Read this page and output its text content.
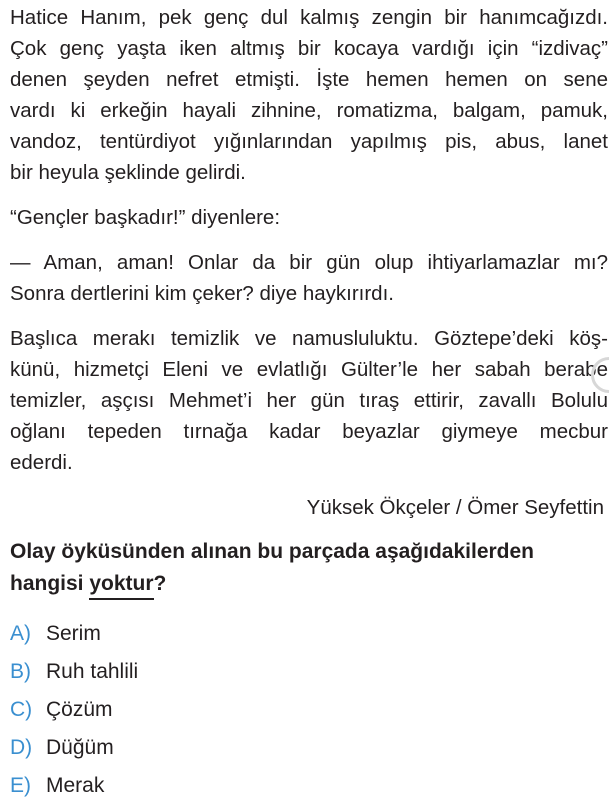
Hatice Hanım, pek genç dul kalmış zengin bir hanımcağızdı.
Çok genç yaşta iken altmış bir kocaya vardığı için “izdivaç”
denen şeyden nefret etmişti. İşte hemen hemen on sene
vardı ki erkeğin hayali zihnine, romatizma, balgam, pamuk,
vandoz, tentürdiyot yığınlarından yapılmış pis, abus, lanet
bir heyula şeklinde gelirdi.
“Gençler başkadır!” diyenlere:
— Aman, aman! Onlar da bir gün olup ihtiyarlamazlar mı?
Sonra dertlerini kim çeker? diye haykırırdı.
Başlıca merakı temizlik ve namusluluktu. Göztepe’deki köş-
künü, hizmetçi Eleni ve evlatlığı Gülter’le her sabah berabe
temizler, aşçısı Mehmet’i her gün tıraş ettirir, zavallı Bolulu
oğlanı tepeden tırnağa kadar beyazlar giymeye mecbur
ederdi.
Yüksek Ökçeler / Ömer Seyfettin
Olay öyküsünden alınan bu parçada aşağıdakilerden
hangisi yoktur?
A) Serim
B) Ruh tahlili
C) Çözüm
D) Düğüm
E) Merak
